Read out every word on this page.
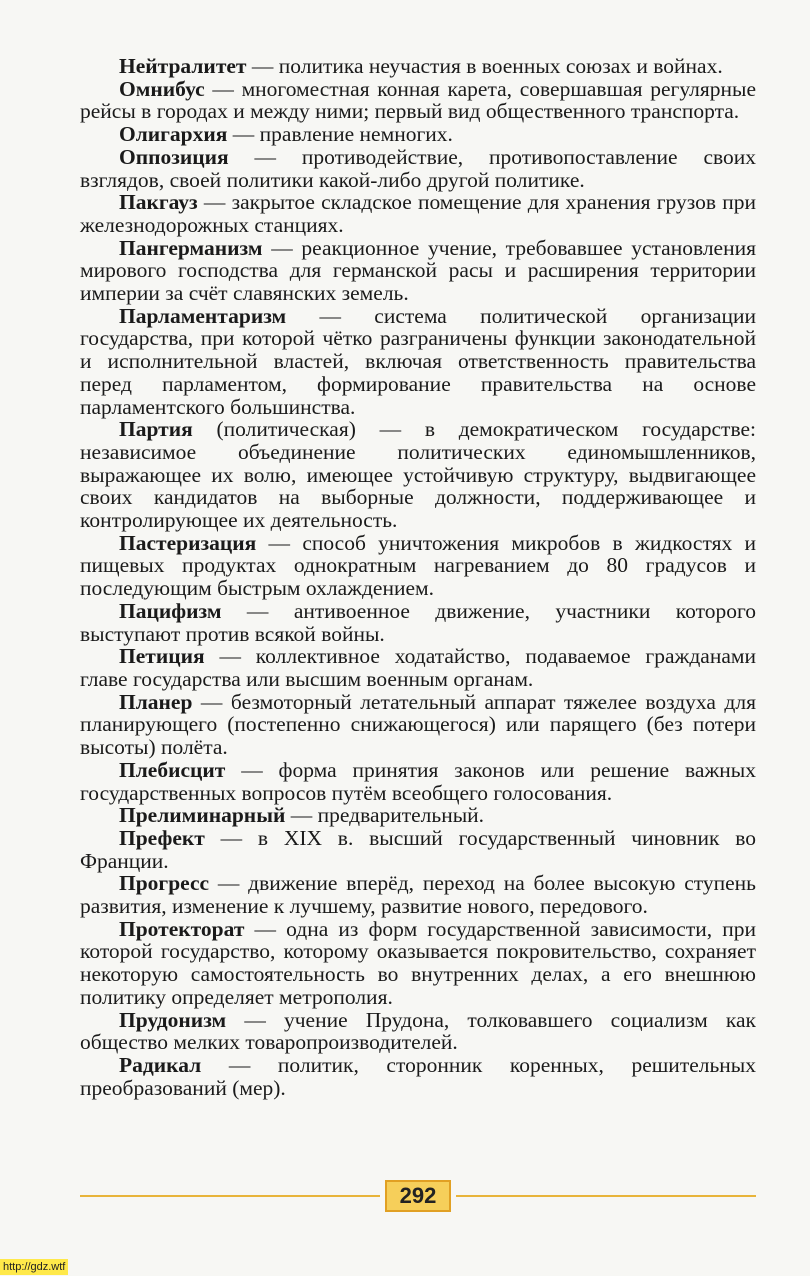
Нейтралитет — политика неучастия в военных союзах и войнах.

Омнибус — многоместная конная карета, совершавшая регулярные рейсы в городах и между ними; первый вид общественного транспорта.

Олигархия — правление немногих.

Оппозиция — противодействие, противопоставление своих взглядов, своей политики какой-либо другой политике.

Пакгауз — закрытое складское помещение для хранения грузов при железнодорожных станциях.

Пангерманизм — реакционное учение, требовавшее установления мирового господства для германской расы и расширения территории империи за счёт славянских земель.

Парламентаризм — система политической организации государства, при которой чётко разграничены функции законодательной и исполнительной властей, включая ответственность правительства перед парламентом, формирование правительства на основе парламентского большинства.

Партия (политическая) — в демократическом государстве: независимое объединение политических единомышленников, выражающее их волю, имеющее устойчивую структуру, выдвигающее своих кандидатов на выборные должности, поддерживающее и контролирующее их деятельность.

Пастеризация — способ уничтожения микробов в жидкостях и пищевых продуктах однократным нагреванием до 80 градусов и последующим быстрым охлаждением.

Пацифизм — антивоенное движение, участники которого выступают против всякой войны.

Петиция — коллективное ходатайство, подаваемое гражданами главе государства или высшим военным органам.

Планер — безмоторный летательный аппарат тяжелее воздуха для планирующего (постепенно снижающегося) или парящего (без потери высоты) полёта.

Плебисцит — форма принятия законов или решение важных государственных вопросов путём всеобщего голосования.

Прелиминарный — предварительный.

Префект — в XIX в. высший государственный чиновник во Франции.

Прогресс — движение вперёд, переход на более высокую ступень развития, изменение к лучшему, развитие нового, передового.

Протекторат — одна из форм государственной зависимости, при которой государство, которому оказывается покровительство, сохраняет некоторую самостоятельность во внутренних делах, а его внешнюю политику определяет метрополия.

Прудонизм — учение Прудона, толковавшего социализм как общество мелких товаропроизводителей.

Радикал — политик, сторонник коренных, решительных преобразований (мер).

292
http://gdz.wtf
